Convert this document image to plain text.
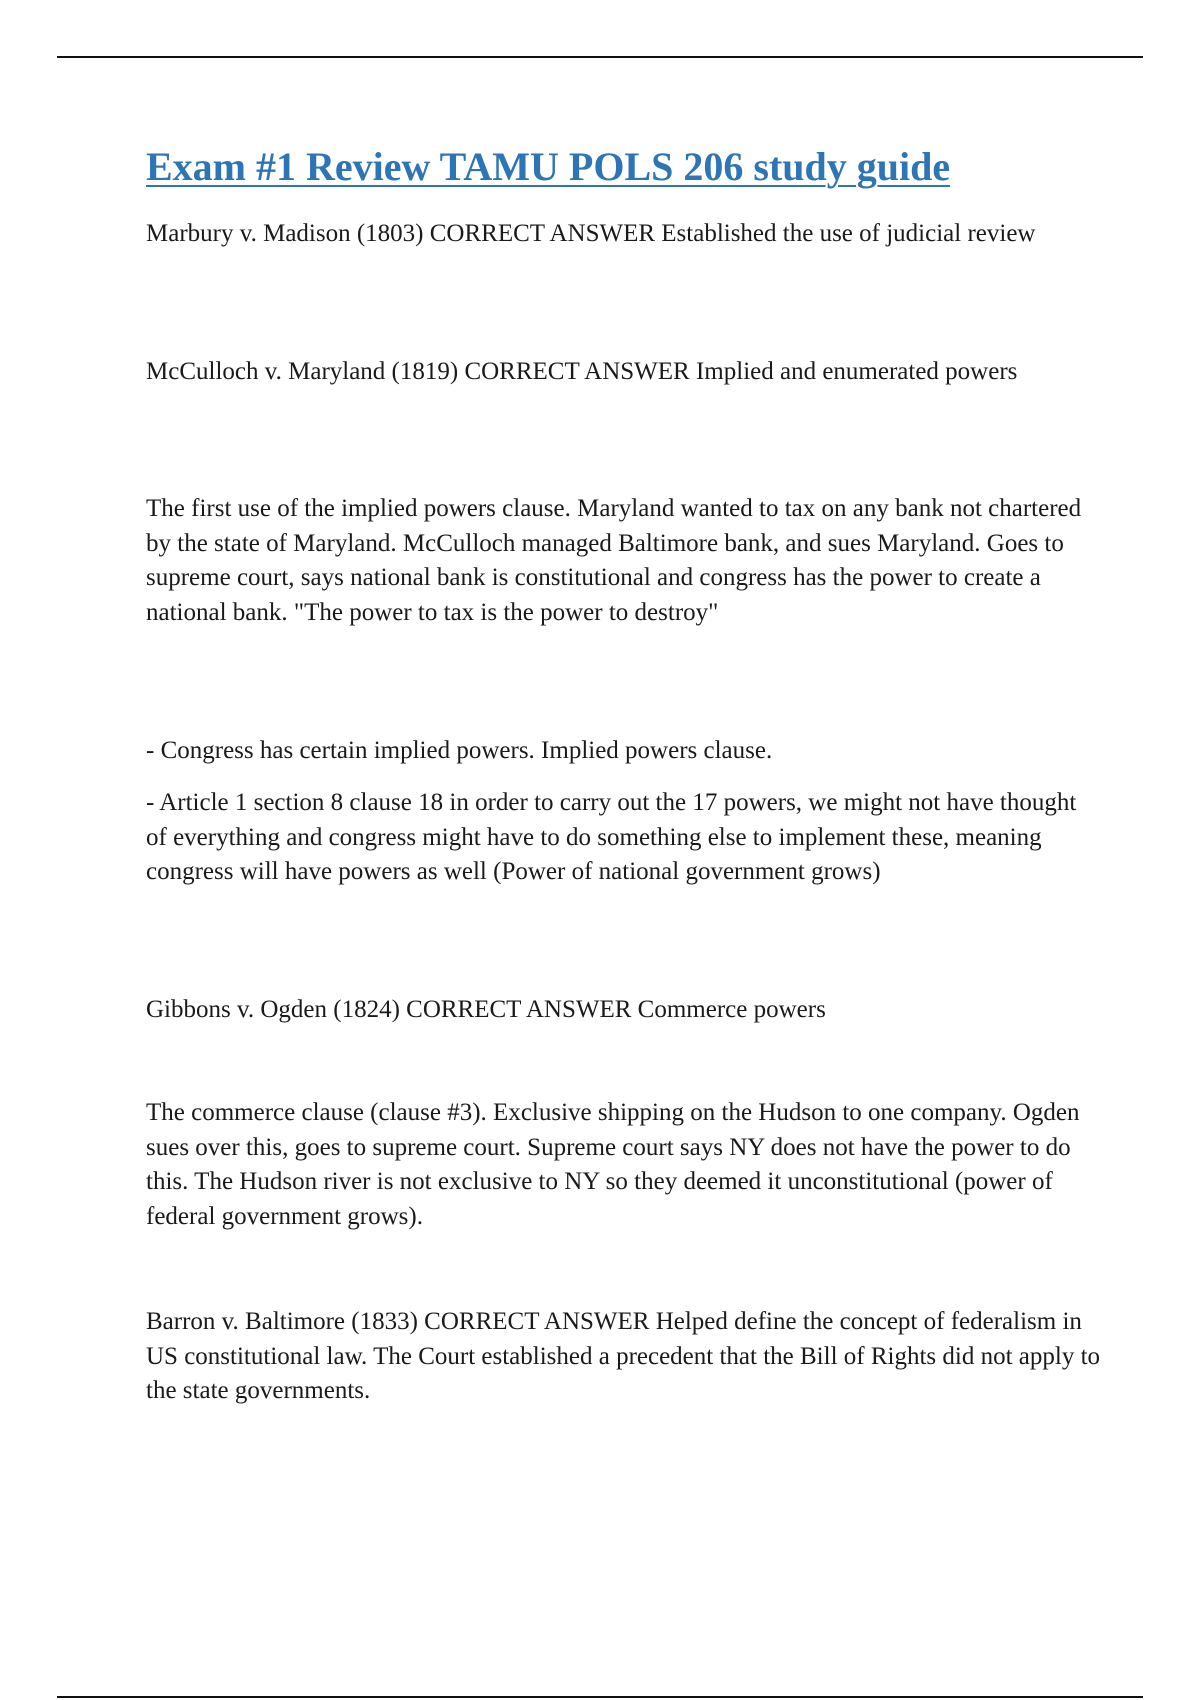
Exam #1 Review TAMU POLS 206 study guide

Marbury v. Madison (1803) CORRECT ANSWER Established the use of judicial review

McCulloch v. Maryland (1819) CORRECT ANSWER Implied and enumerated powers

The first use of the implied powers clause. Maryland wanted to tax on any bank not chartered by the state of Maryland. McCulloch managed Baltimore bank, and sues Maryland. Goes to supreme court, says national bank is constitutional and congress has the power to create a national bank. "The power to tax is the power to destroy"

- Congress has certain implied powers. Implied powers clause.

- Article 1 section 8 clause 18 in order to carry out the 17 powers, we might not have thought of everything and congress might have to do something else to implement these, meaning congress will have powers as well (Power of national government grows)

Gibbons v. Ogden (1824) CORRECT ANSWER Commerce powers

The commerce clause (clause #3). Exclusive shipping on the Hudson to one company. Ogden sues over this, goes to supreme court. Supreme court says NY does not have the power to do this. The Hudson river is not exclusive to NY so they deemed it unconstitutional (power of federal government grows).

Barron v. Baltimore (1833) CORRECT ANSWER Helped define the concept of federalism in US constitutional law. The Court established a precedent that the Bill of Rights did not apply to the state governments.
